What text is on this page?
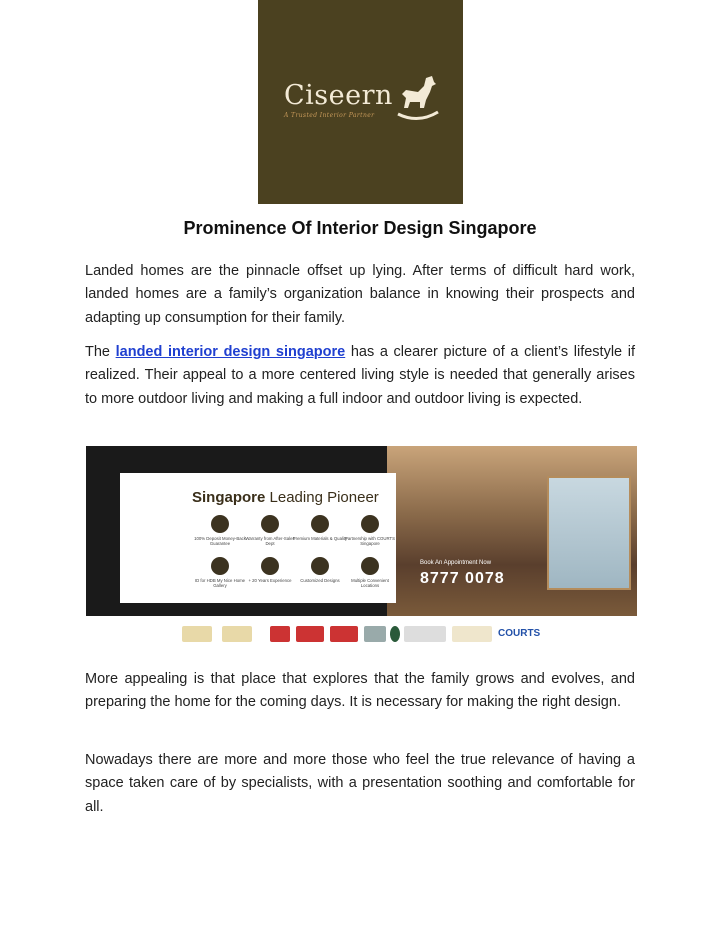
Ciseern
A Trusted Interior Partner
Prominence Of Interior Design Singapore

Landed homes are the pinnacle offset up lying. After terms of difficult hard work, landed homes are a family’s organization balance in knowing their prospects and adapting up consumption for their family.

The landed interior design singapore has a clearer picture of a client’s lifestyle if realized. Their appeal to a more centered living style is needed that generally arises to more outdoor living and making a full indoor and outdoor living is expected.

Singapore Leading Pioneer
100% Deposit Money-Back Guarantee
Warranty from After-Sales Dept
Premium Materials & Quality
Partnership with COURTS Singapore
ID for HDB My Nice Home Gallery
+ 20 Years Experience	Customized Designs	Multiple Convenient Locations
Book An Appointment Now
8777 0078
COURTS

More appealing is that place that explores that the family grows and evolves, and preparing the home for the coming days. It is necessary for making the right design.

Nowadays there are more and more those who feel the true relevance of having a space taken care of by specialists, with a presentation soothing and comfortable for all.
